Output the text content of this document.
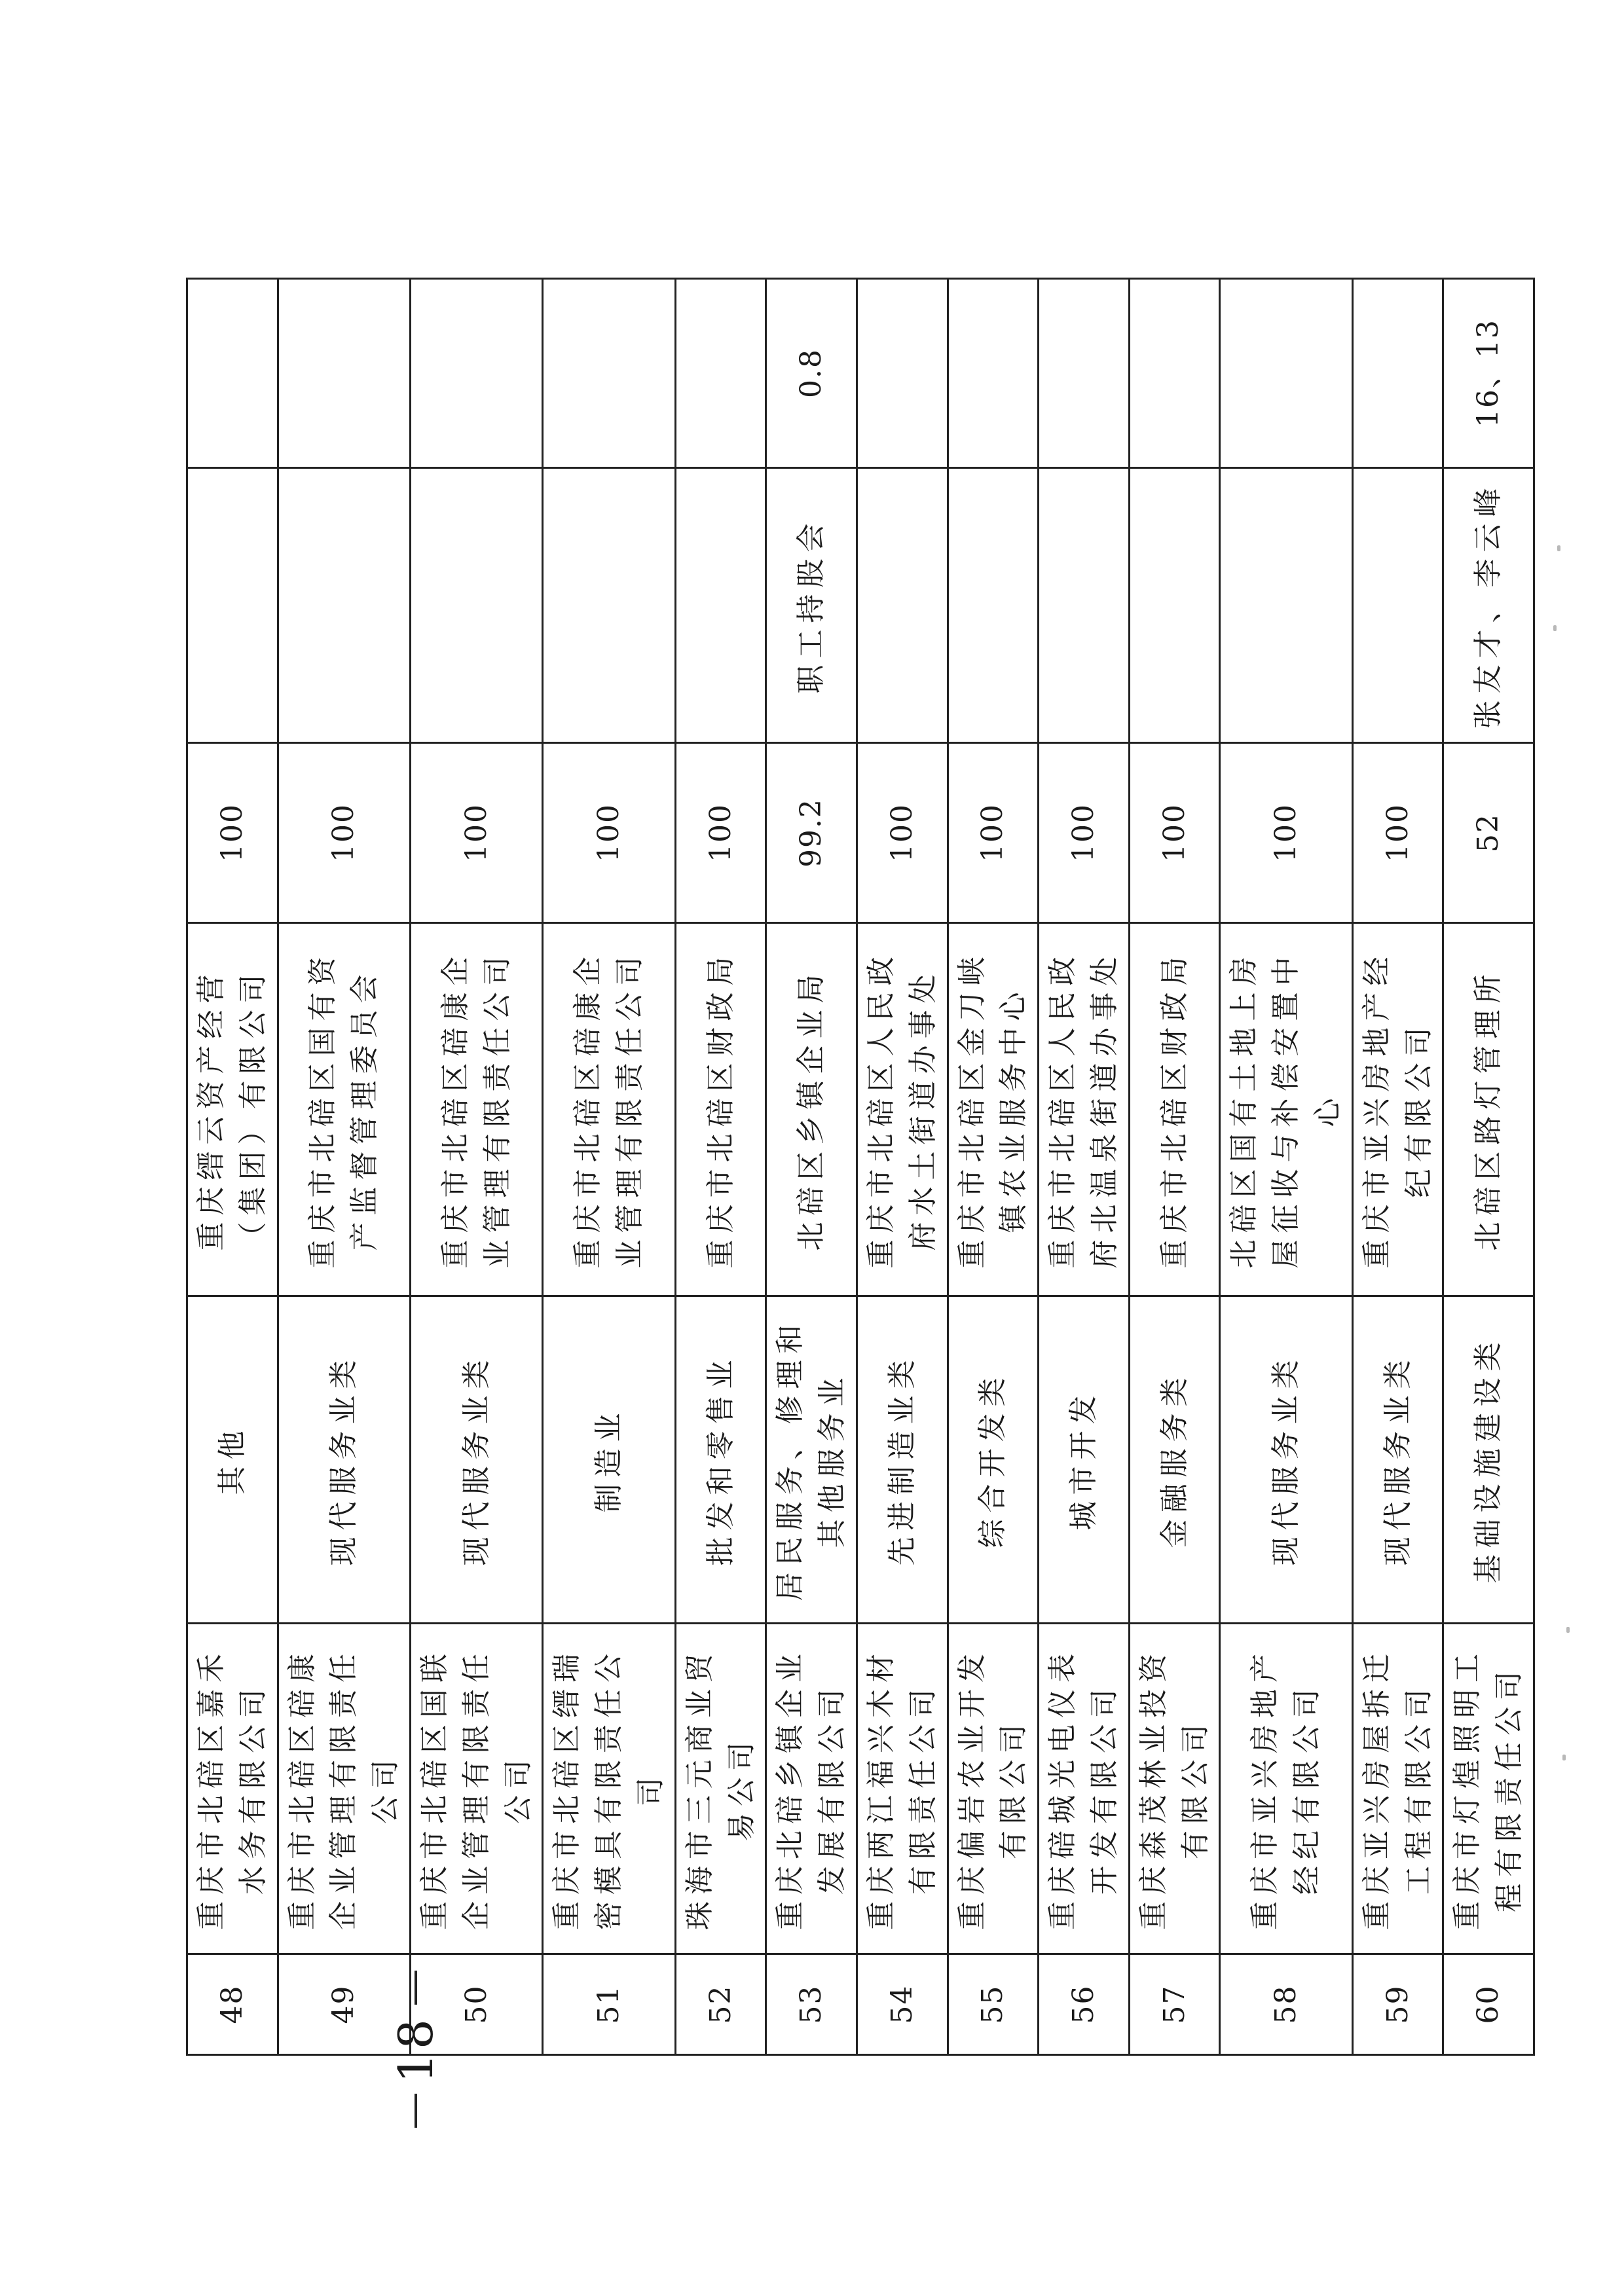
48	重庆市北碚区嘉禾水务有限公司	其他	重庆缙云资产经营（集团）有限公司	100		
49	重庆市北碚区碚康企业管理有限责任公司	现代服务业类	重庆市北碚区国有资产监督管理委员会	100		
50	重庆市北碚区国联企业管理有限责任公司	现代服务业类	重庆市北碚区碚康企业管理有限责任公司	100		
51	重庆市北碚区缙瑞密模具有限责任公司	制造业	重庆市北碚区碚康企业管理有限责任公司	100		
52	珠海市三元商业贸易公司	批发和零售业	重庆市北碚区财政局	100		
53	重庆北碚乡镇企业发展有限公司	居民服务、修理和其他服务业	北碚区乡镇企业局	99.2	职工持股会	0.8
54	重庆两江福兴木材有限责任公司	先进制造业类	重庆市北碚区人民政府水土街道办事处	100		
55	重庆偏岩农业开发有限公司	综合开发类	重庆市北碚区金刀峡镇农业服务中心	100		
56	重庆碚城光电仪表开发有限公司	城市开发	重庆市北碚区人民政府北温泉街道办事处	100		
57	重庆森茂林业投资有限公司	金融服务类	重庆市北碚区财政局	100		
58	重庆市亚兴房地产经纪有限公司	现代服务业类	北碚区国有土地上房屋征收与补偿安置中心	100		
59	重庆亚兴房屋拆迁工程有限公司	现代服务业类	重庆市亚兴房地产经纪有限公司	100		
60	重庆市灯煌照明工程有限责任公司	基础设施建设类	北碚区路灯管理所	52	张友才、李云峰	16、13
18
